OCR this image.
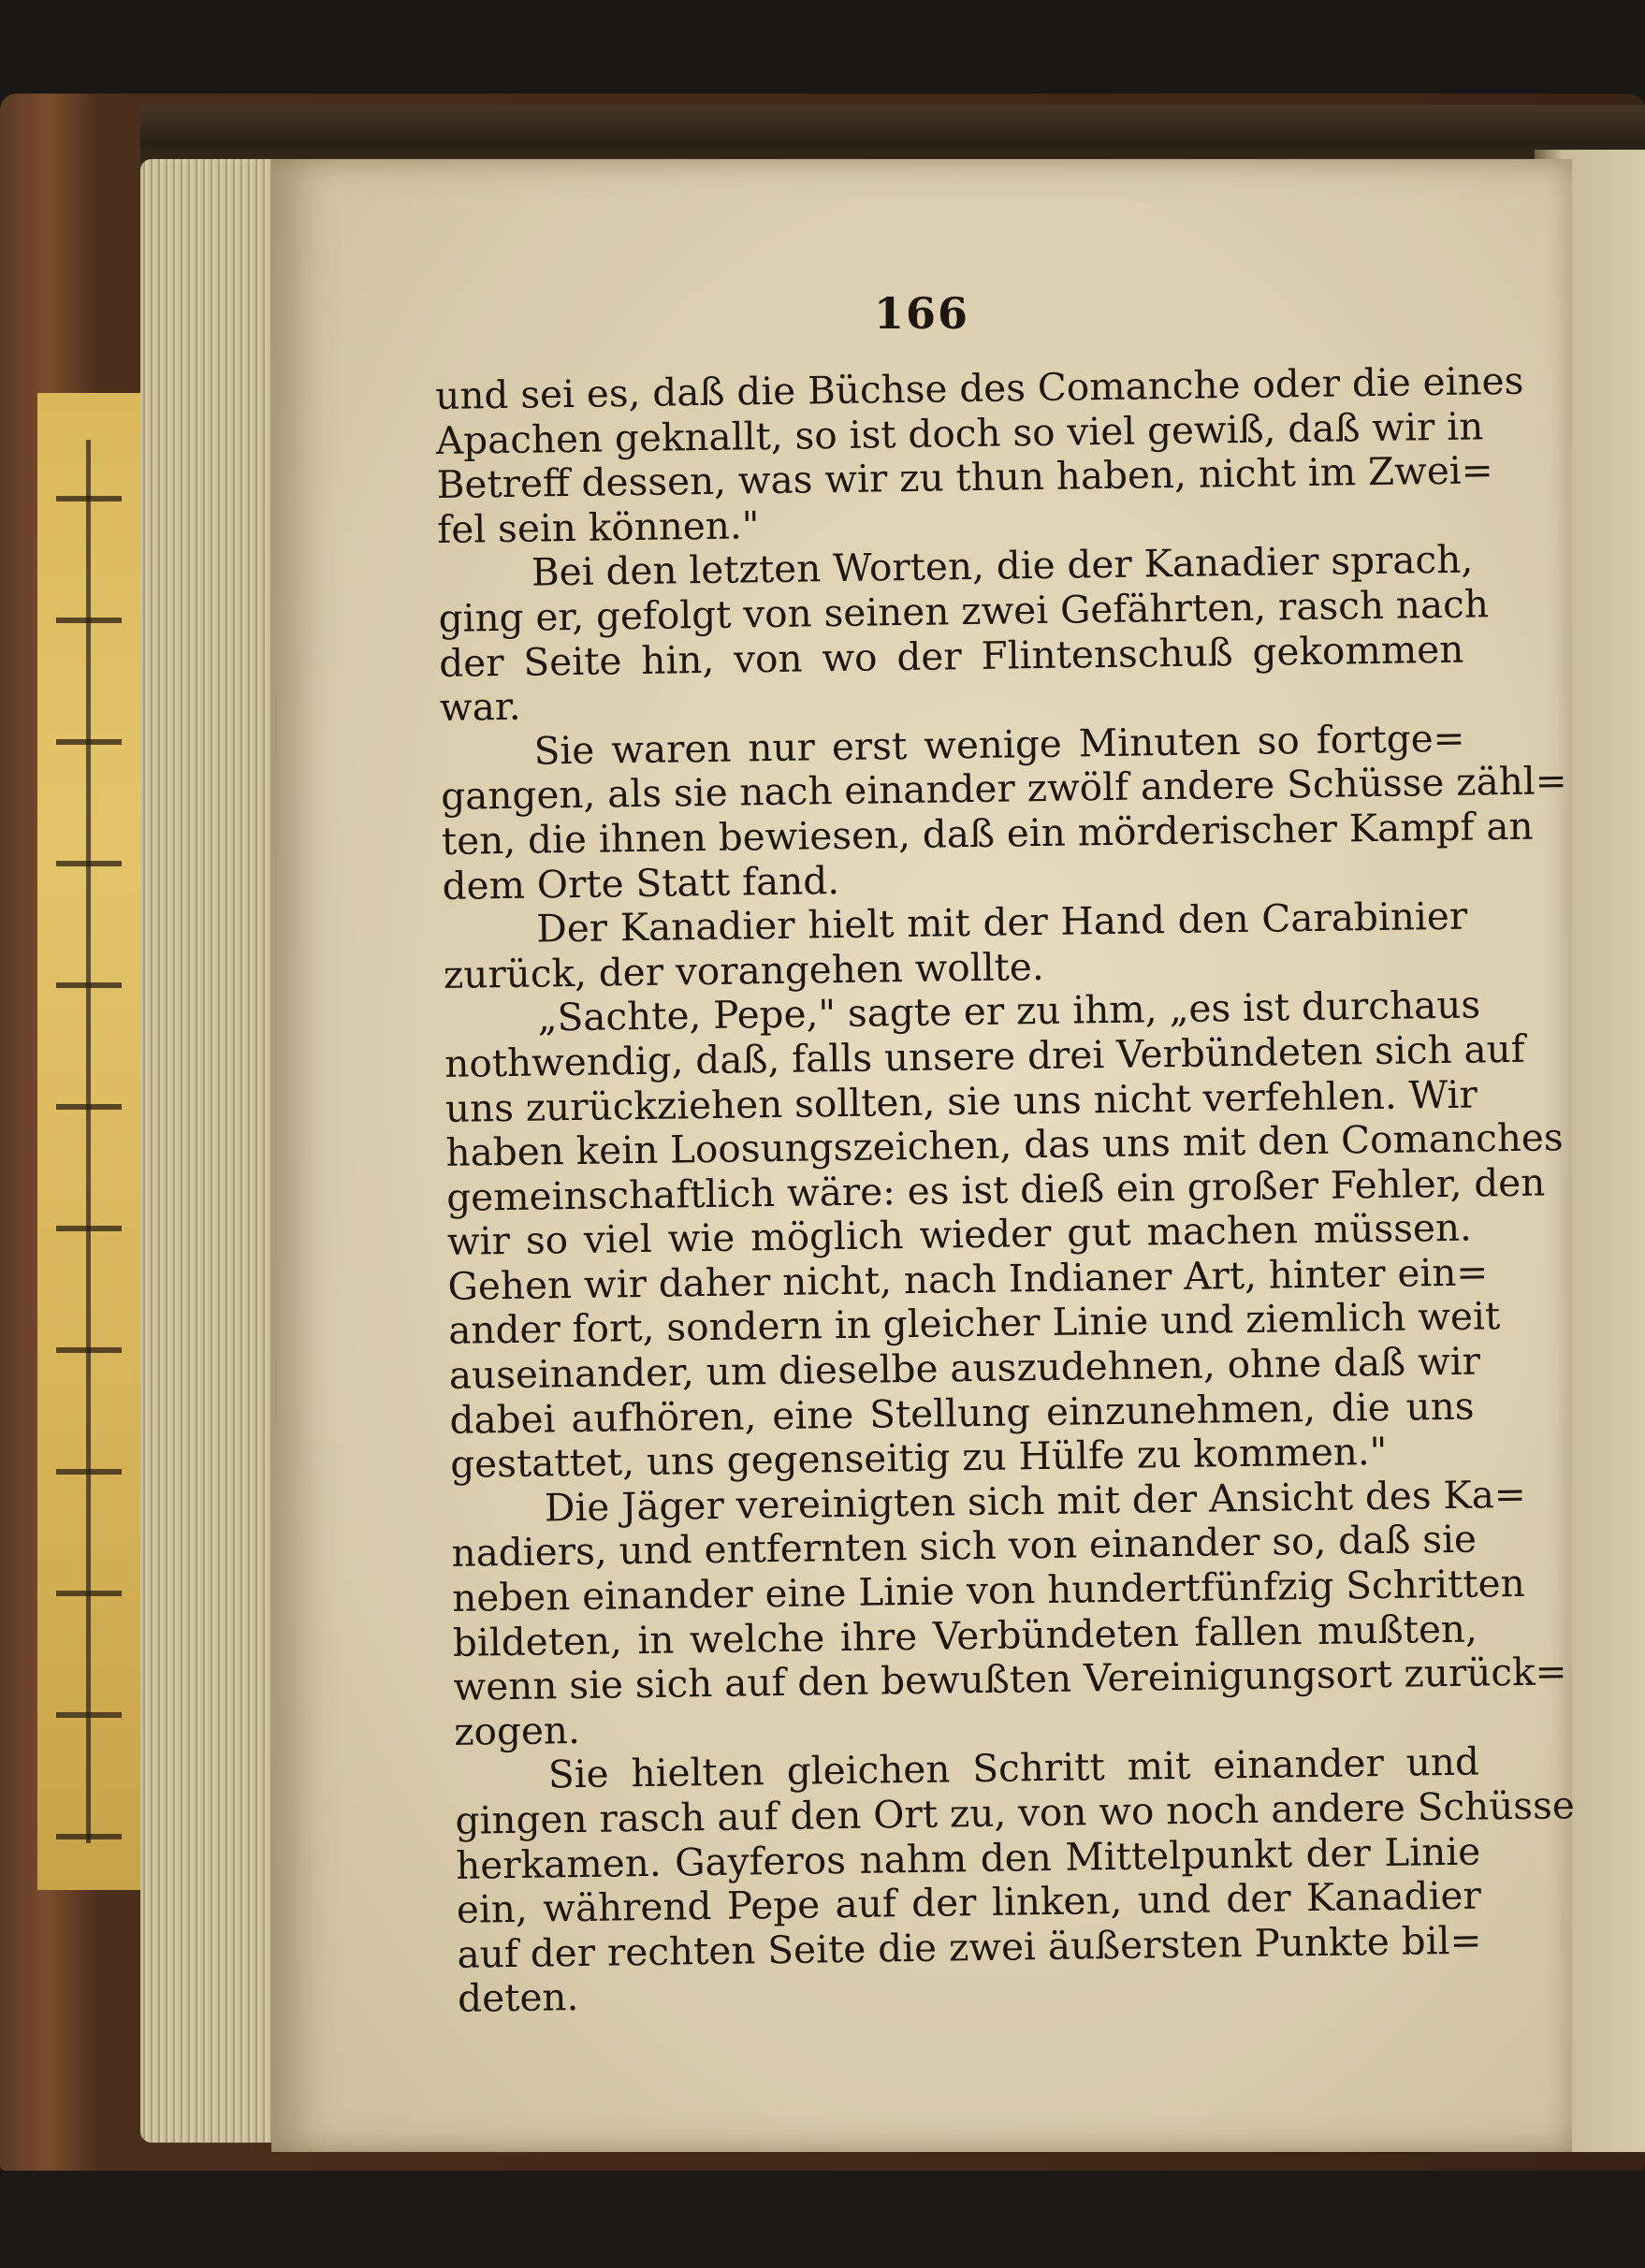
166
und sei es, daß die Büchse des Comanche oder die eines
Apachen geknallt, so ist doch so viel gewiß, daß wir in
Betreff dessen, was wir zu thun haben, nicht im Zwei=
fel sein können."
Bei den letzten Worten, die der Kanadier sprach,
ging er, gefolgt von seinen zwei Gefährten, rasch nach
der Seite hin, von wo der Flintenschuß gekommen
war.
Sie waren nur erst wenige Minuten so fortge=
gangen, als sie nach einander zwölf andere Schüsse zähl=
ten, die ihnen bewiesen, daß ein mörderischer Kampf an
dem Orte Statt fand.
Der Kanadier hielt mit der Hand den Carabinier
zurück, der vorangehen wollte.
„Sachte, Pepe," sagte er zu ihm, „es ist durchaus
nothwendig, daß, falls unsere drei Verbündeten sich auf
uns zurückziehen sollten, sie uns nicht verfehlen. Wir
haben kein Loosungszeichen, das uns mit den Comanches
gemeinschaftlich wäre: es ist dieß ein großer Fehler, den
wir so viel wie möglich wieder gut machen müssen.
Gehen wir daher nicht, nach Indianer Art, hinter ein=
ander fort, sondern in gleicher Linie und ziemlich weit
auseinander, um dieselbe auszudehnen, ohne daß wir
dabei aufhören, eine Stellung einzunehmen, die uns
gestattet, uns gegenseitig zu Hülfe zu kommen."
Die Jäger vereinigten sich mit der Ansicht des Ka=
nadiers, und entfernten sich von einander so, daß sie
neben einander eine Linie von hundertfünfzig Schritten
bildeten, in welche ihre Verbündeten fallen mußten,
wenn sie sich auf den bewußten Vereinigungsort zurück=
zogen.
Sie hielten gleichen Schritt mit einander und
gingen rasch auf den Ort zu, von wo noch andere Schüsse
herkamen. Gayferos nahm den Mittelpunkt der Linie
ein, während Pepe auf der linken, und der Kanadier
auf der rechten Seite die zwei äußersten Punkte bil=
deten.
